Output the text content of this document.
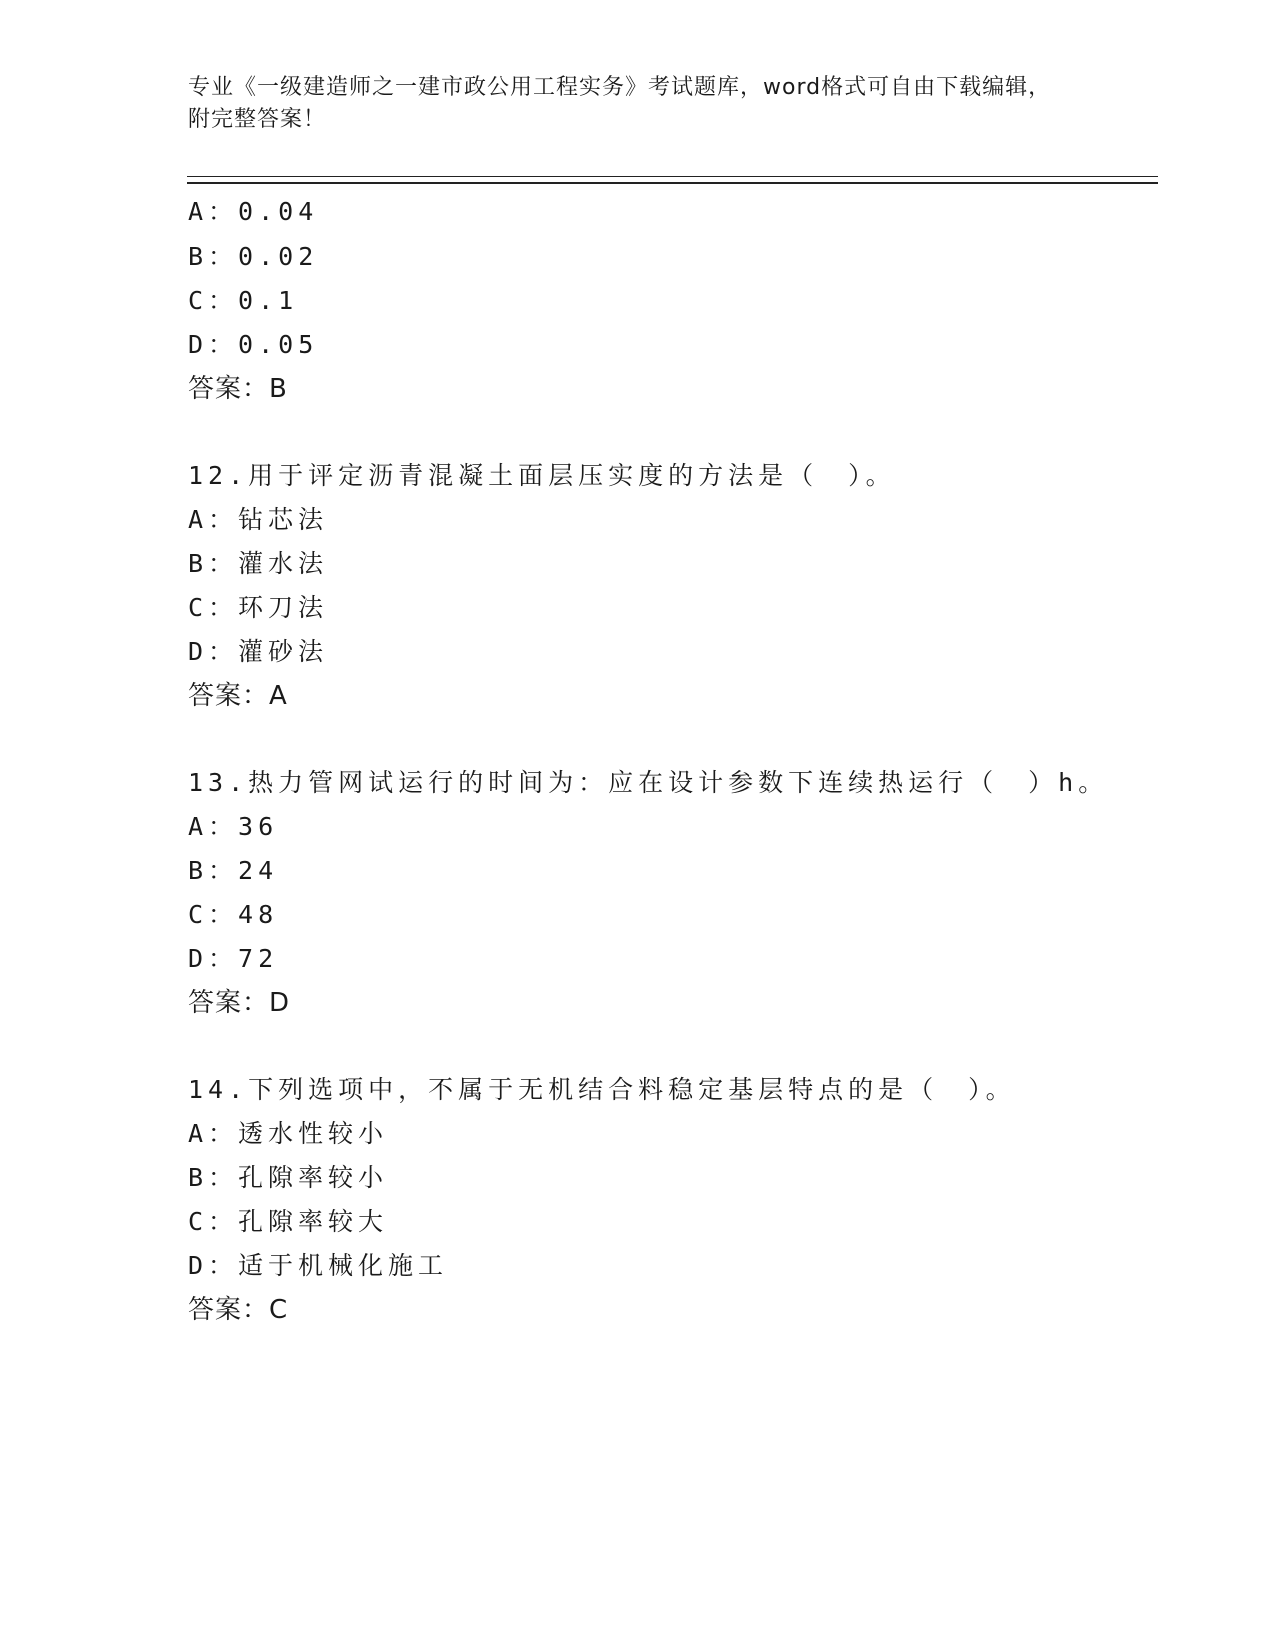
专业《一级建造师之一建市政公用工程实务》考试题库，word格式可自由下载编辑，附完整答案！

A：0.04

B：0.02

C：0.1

D：0.05

答案：B

12.用于评定沥青混凝土面层压实度的方法是（　）。

A：钻芯法

B：灌水法

C：环刀法

D：灌砂法

答案：A

13.热力管网试运行的时间为：应在设计参数下连续热运行（　）h。

A：36

B：24

C：48

D：72

答案：D

14.下列选项中，不属于无机结合料稳定基层特点的是（　）。

A：透水性较小

B：孔隙率较小

C：孔隙率较大

D：适于机械化施工

答案：C
